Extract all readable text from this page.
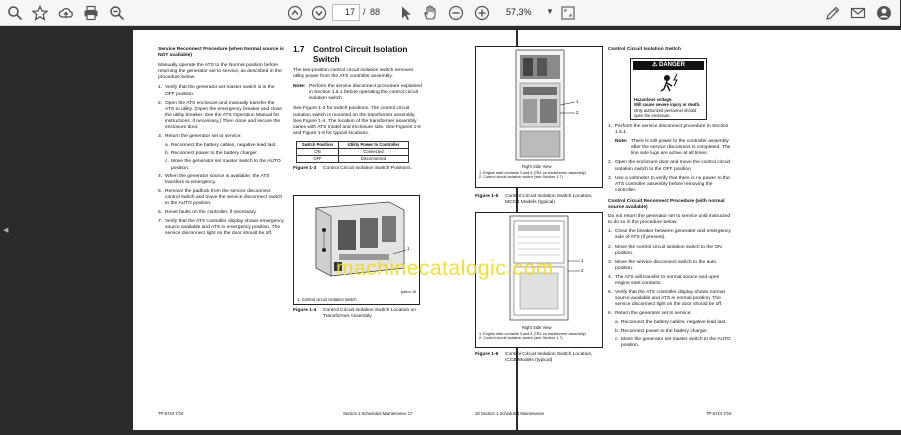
17 / 88	57,3%	▼
◀
Service Reconnect Procedure (when Normal source is NOT available)
Manually operate the ATS to the Normal position before returning the generator set to service, as described in the procedure below.
1. Verify that the generator set master switch is in the OFF position.
2. Open the ATS enclosure and manually transfer the ATS to utility. (Open the emergency breaker and close the utility breaker. See the ATS Operation Manual for instructions, if necessary.) Then close and secure the enclosure door.
3. Return the generator set to service:
a. Reconnect the battery cables, negative lead last.
b. Reconnect power to the battery charger.
c. Move the generator set master switch to the AUTO position.
4. When the generator source is available, the ATS transfers to emergency.
5. Remove the padlock from the service disconnect control switch and move the service disconnect switch to the AUTO position.
6. Reset faults on the controller, if necessary.
7. Verify that the ATS controller display shows emergency source available and ATS in emergency position. The service disconnect light on the door should be off.
1.7 Control Circuit Isolation Switch
The two-position control circuit isolation switch removes utility power from the ATS controller assembly.
Note: Perform the service disconnect procedure explained in Section 1.6.1 before operating the control circuit isolation switch.
See Figure 1-3 for switch positions. The control circuit isolation switch is mounted on the transformer assembly. See Figure 1-4. The location of the transformer assembly varies with ATS model and enclosure size. See Figures 1-5 and Figure 1-6 for typical locations.
Switch Position	Utility Power to Controller
ON	Connected
OFF	Disconnected
Figure 1-3 Control Circuit Isolation Switch Positions.
1
1. Control circuit isolation switch
tp6xxx-18
Figure 1-4 Control Circuit Isolation Switch Location on Transformer Assembly
TP-6744 7/10	Section 1 Scheduled Maintenance 17
1
2
Right Side View
1. Engine start contacts 3 and 4 (TB1 on transformer assembly)
2. Control circuit isolation switch (see Section 1.7)
Figure 1-5 Control Circuit Isolation Switch Location, MCCB Models (typical)
1
2
Right Side View
1. Engine start contacts 3 and 4 (TB1 on transformer assembly)
2. Control circuit isolation switch (see Section 1.7)
Figure 1-6 Control Circuit Isolation Switch Location, ICCB Models (typical)
Control Circuit Isolation Switch
⚠ DANGER
Hazardous voltage.
Will cause severe injury or death.
Only authorized personnel should open the enclosure.
1. Perform the service disconnect procedure in Section 1.6.1.
Note: There is still power to the controller assembly after the service disconnect is completed. The line side lugs are active at all times.
2. Open the enclosure door and move the control circuit isolation switch to the OFF position.
3. Use a voltmeter to verify that there is no power to the ATS controller assembly before removing the controller.
Control Circuit Reconnect Procedure (with normal source available)
Do not return the generator set to service until instructed to do so in the procedure below.
1. Close the breaker between generator and emergency side of ATS (if present).
2. Move the control circuit isolation switch to the ON position.
3. Move the service disconnect switch to the auto position.
4. The ATS will transfer to normal source and open engine start contacts.
5. Verify that the ATS controller display shows normal source available and ATS in normal position. The service disconnect light on the door should be off.
6. Return the generator set to service:
a. Reconnect the battery cables, negative lead last.
b. Reconnect power to the battery charger.
c. Move the generator set master switch to the AUTO position.
18 Section 1 Scheduled Maintenance	TP-6744 7/10
machinecatalogic.com
